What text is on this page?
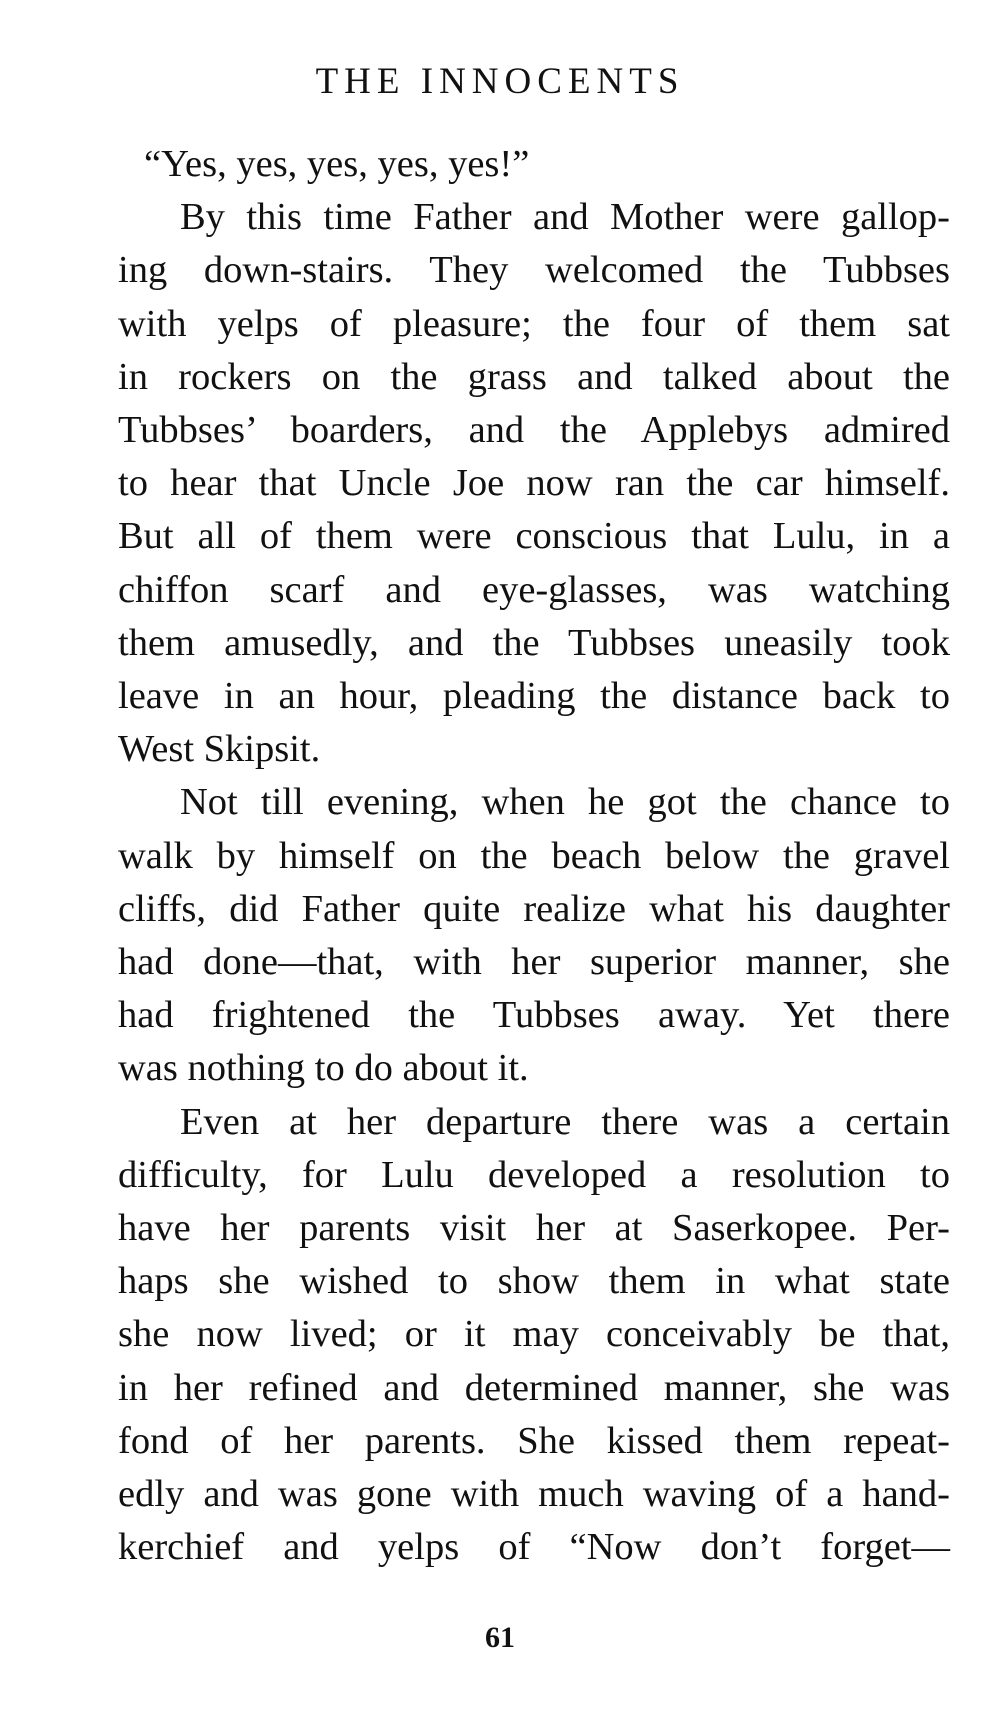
THE INNOCENTS

“Yes, yes, yes, yes, yes!”

By this time Father and Mother were gallop-
ing down-stairs. They welcomed the Tubbses
with yelps of pleasure; the four of them sat
in rockers on the grass and talked about the
Tubbses’ boarders, and the Applebys admired
to hear that Uncle Joe now ran the car himself.
But all of them were conscious that Lulu, in a
chiffon scarf and eye-glasses, was watching
them amusedly, and the Tubbses uneasily took
leave in an hour, pleading the distance back to
West Skipsit.

Not till evening, when he got the chance to
walk by himself on the beach below the gravel
cliffs, did Father quite realize what his daughter
had done—that, with her superior manner, she
had frightened the Tubbses away. Yet there
was nothing to do about it.

Even at her departure there was a certain
difficulty, for Lulu developed a resolution to
have her parents visit her at Saserkopee. Per-
haps she wished to show them in what state
she now lived; or it may conceivably be that,
in her refined and determined manner, she was
fond of her parents. She kissed them repeat-
edly and was gone with much waving of a hand-
kerchief and yelps of “Now don’t forget—

61
